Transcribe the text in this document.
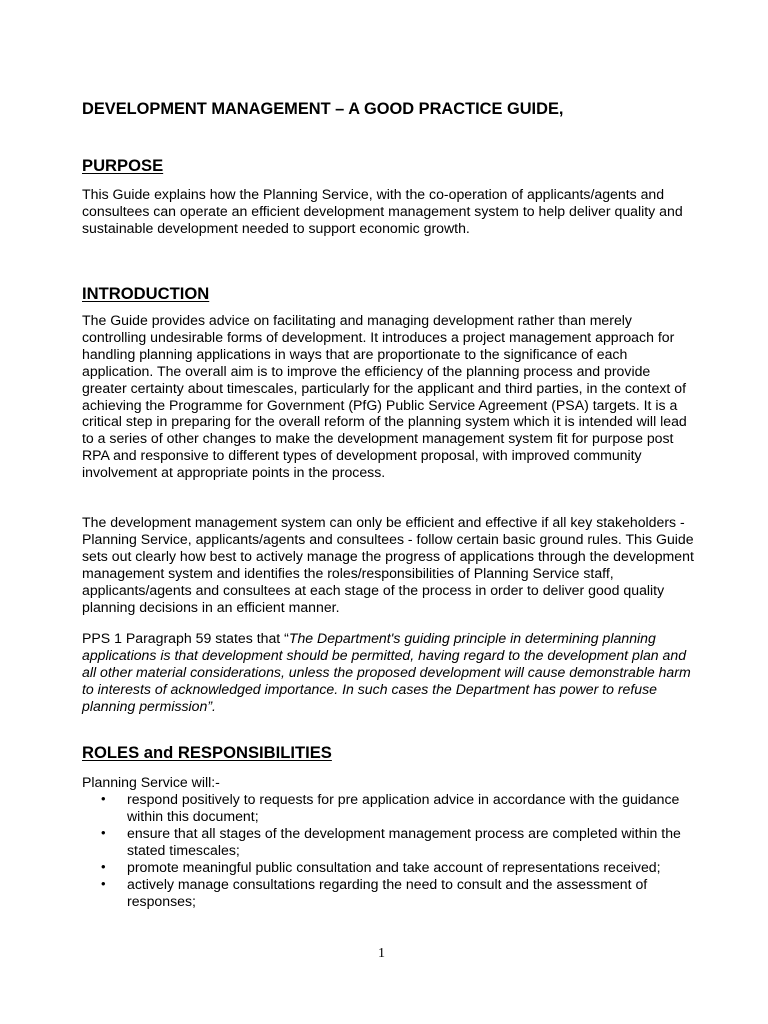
DEVELOPMENT MANAGEMENT – A GOOD PRACTICE GUIDE,
PURPOSE

This Guide explains how the Planning Service, with the co-operation of applicants/agents and consultees can operate an efficient development management system to help deliver quality and sustainable development needed to support economic growth.

INTRODUCTION

The Guide provides advice on facilitating and managing development rather than merely controlling undesirable forms of development. It introduces a project management approach for handling planning applications in ways that are proportionate to the significance of each application. The overall aim is to improve the efficiency of the planning process and provide greater certainty about timescales, particularly for the applicant and third parties, in the context of achieving the Programme for Government (PfG) Public Service Agreement (PSA) targets. It is a critical step in preparing for the overall reform of the planning system which it is intended will lead to a series of other changes to make the development management system fit for purpose post RPA and responsive to different types of development proposal, with improved community involvement at appropriate points in the process.

The development management system can only be efficient and effective if all key stakeholders - Planning Service, applicants/agents and consultees - follow certain basic ground rules. This Guide sets out clearly how best to actively manage the progress of applications through the development management system and identifies the roles/responsibilities of Planning Service staff, applicants/agents and consultees at each stage of the process in order to deliver good quality planning decisions in an efficient manner.

PPS 1 Paragraph 59 states that “The Department's guiding principle in determining planning applications is that development should be permitted, having regard to the development plan and all other material considerations, unless the proposed development will cause demonstrable harm to interests of acknowledged importance. In such cases the Department has power to refuse planning permission”.

ROLES and RESPONSIBILITIES

Planning Service will:-

• respond positively to requests for pre application advice in accordance with the guidance within this document;
• ensure that all stages of the development management process are completed within the stated timescales;
• promote meaningful public consultation and take account of representations received;
• actively manage consultations regarding the need to consult and the assessment of responses;
1
